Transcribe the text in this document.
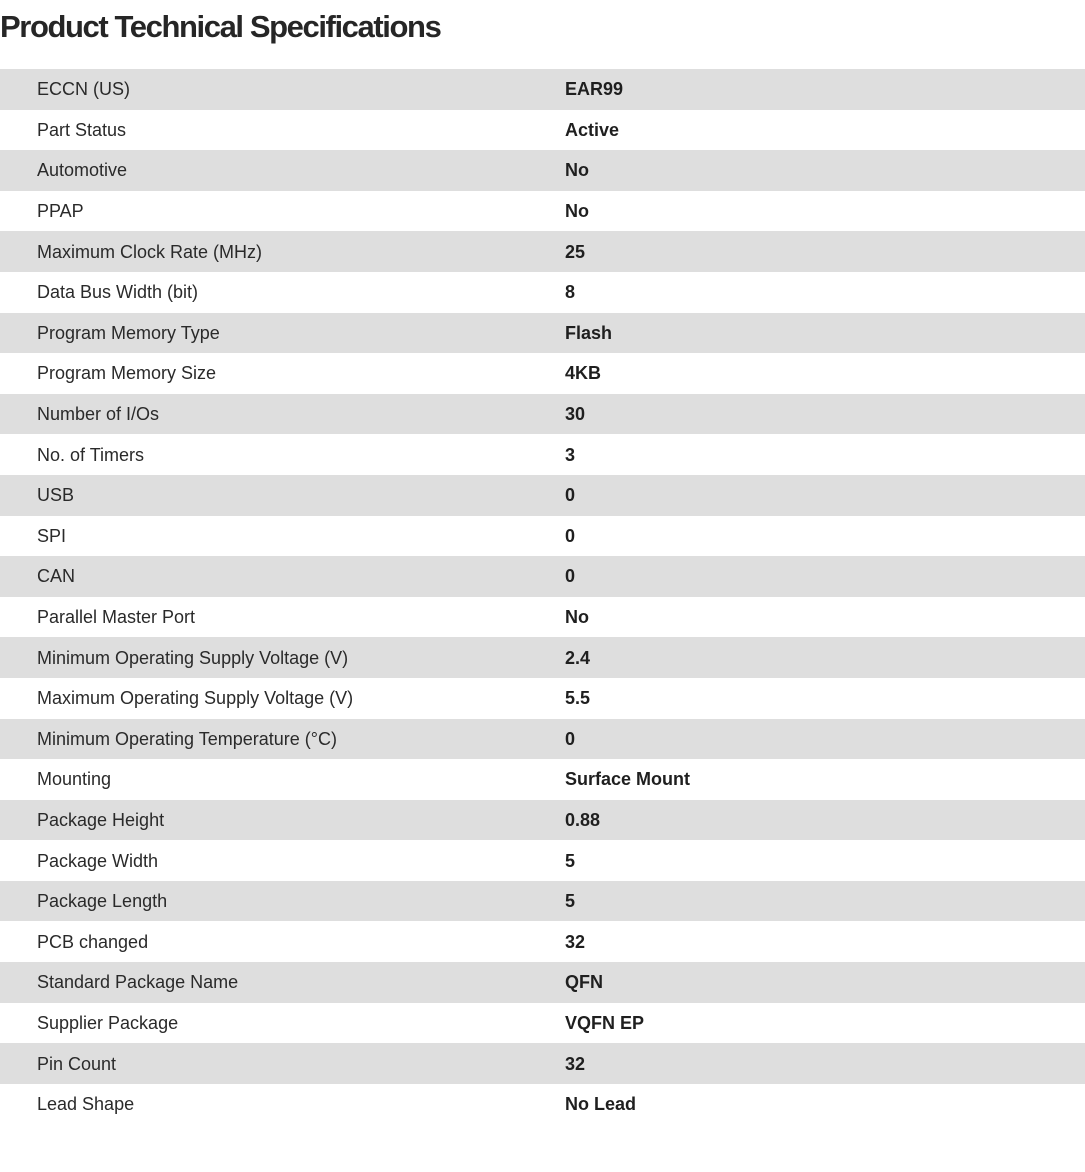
Product Technical Specifications
ECCN (US)	EAR99
Part Status	Active
Automotive	No
PPAP	No
Maximum Clock Rate (MHz)	25
Data Bus Width (bit)	8
Program Memory Type	Flash
Program Memory Size	4KB
Number of I/Os	30
No. of Timers	3
USB	0
SPI	0
CAN	0
Parallel Master Port	No
Minimum Operating Supply Voltage (V)	2.4
Maximum Operating Supply Voltage (V)	5.5
Minimum Operating Temperature (°C)	0
Mounting	Surface Mount
Package Height	0.88
Package Width	5
Package Length	5
PCB changed	32
Standard Package Name	QFN
Supplier Package	VQFN EP
Pin Count	32
Lead Shape	No Lead
